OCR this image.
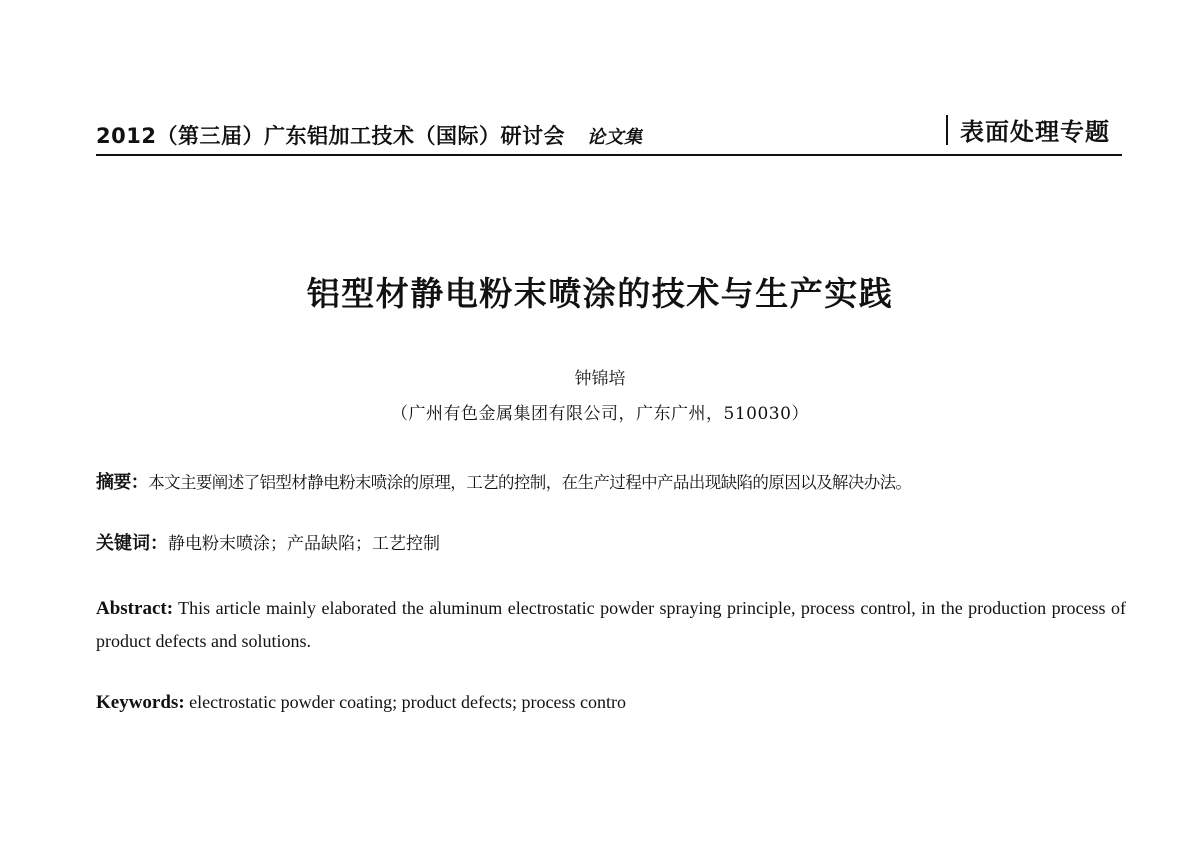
2012（第三届）广东铝加工技术（国际）研讨会 论文集	表面处理专题
铝型材静电粉末喷涂的技术与生产实践
钟锦培
（广州有色金属集团有限公司，广东广州，510030）
摘要：本文主要阐述了铝型材静电粉末喷涂的原理，工艺的控制，在生产过程中产品出现缺陷的原因以及解决办法。
关键词：静电粉末喷涂；产品缺陷；工艺控制
Abstract: This article mainly elaborated the aluminum electrostatic powder spraying principle, process control, in the production process of product defects and solutions.
Keywords: electrostatic powder coating; product defects; process contro
